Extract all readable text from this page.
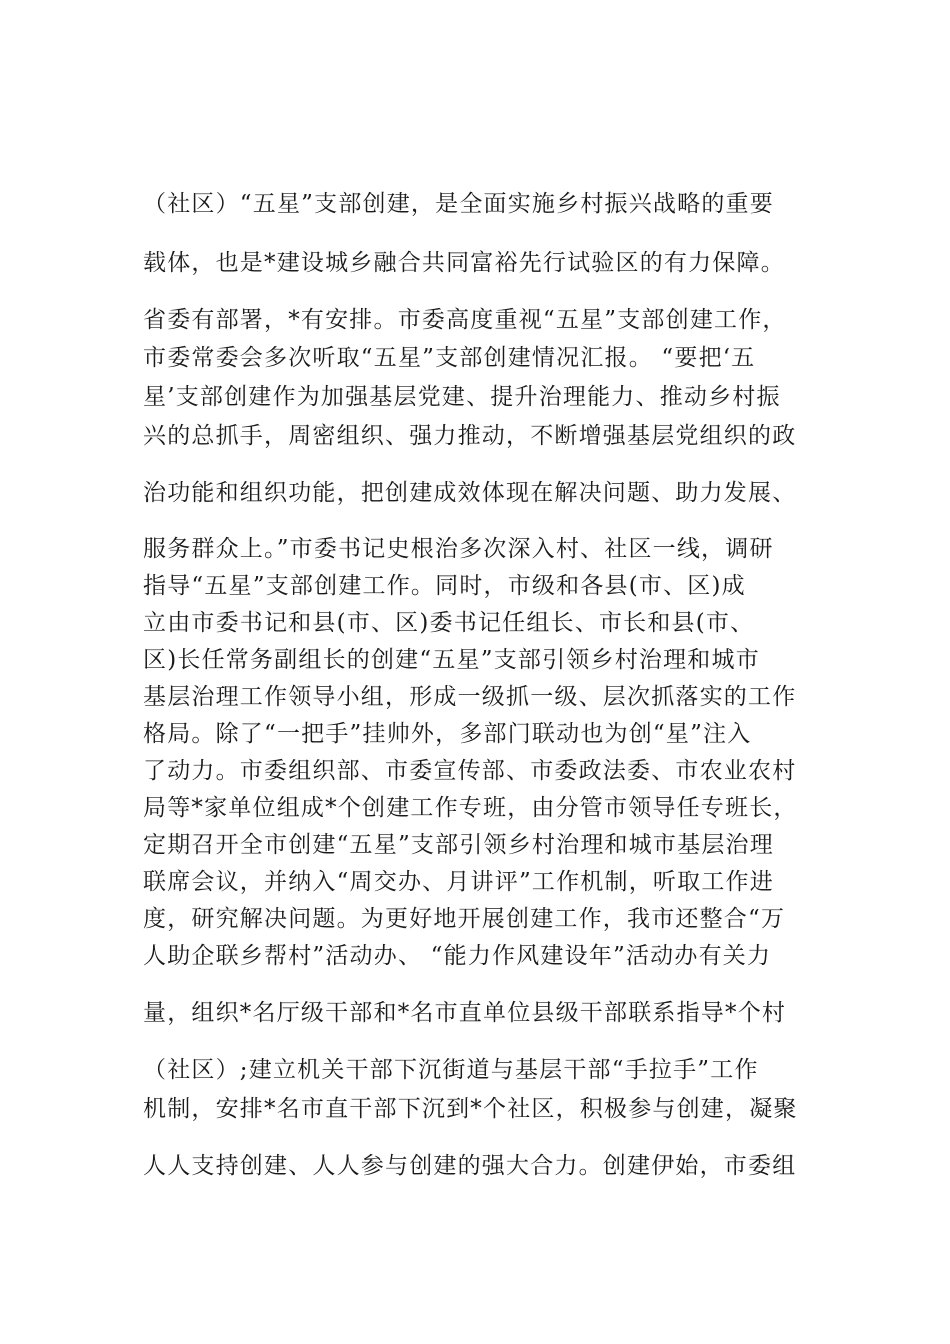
（社区）“五星”支部创建，是全面实施乡村振兴战略的重要
载体，也是*建设城乡融合共同富裕先行试验区的有力保障。
省委有部署，*有安排。市委高度重视“五星”支部创建工作，
市委常委会多次听取“五星”支部创建情况汇报。 “要把‘五
星’支部创建作为加强基层党建、提升治理能力、推动乡村振
兴的总抓手，周密组织、强力推动，不断增强基层党组织的政
治功能和组织功能，把创建成效体现在解决问题、助力发展、
服务群众上。”市委书记史根治多次深入村、社区一线，调研
指导“五星”支部创建工作。同时，市级和各县(市、区)成
立由市委书记和县(市、区)委书记任组长、市长和县(市、
区)长任常务副组长的创建“五星”支部引领乡村治理和城市
基层治理工作领导小组，形成一级抓一级、层次抓落实的工作
格局。除了“一把手”挂帅外，多部门联动也为创“星”注入
了动力。市委组织部、市委宣传部、市委政法委、市农业农村
局等*家单位组成*个创建工作专班，由分管市领导任专班长，
定期召开全市创建“五星”支部引领乡村治理和城市基层治理
联席会议，并纳入“周交办、月讲评”工作机制，听取工作进
度，研究解决问题。为更好地开展创建工作，我市还整合“万
人助企联乡帮村”活动办、 “能力作风建设年”活动办有关力
量，组织*名厅级干部和*名市直单位县级干部联系指导*个村
（社区）;建立机关干部下沉街道与基层干部“手拉手”工作
机制，安排*名市直干部下沉到*个社区，积极参与创建，凝聚
人人支持创建、人人参与创建的强大合力。创建伊始，市委组
